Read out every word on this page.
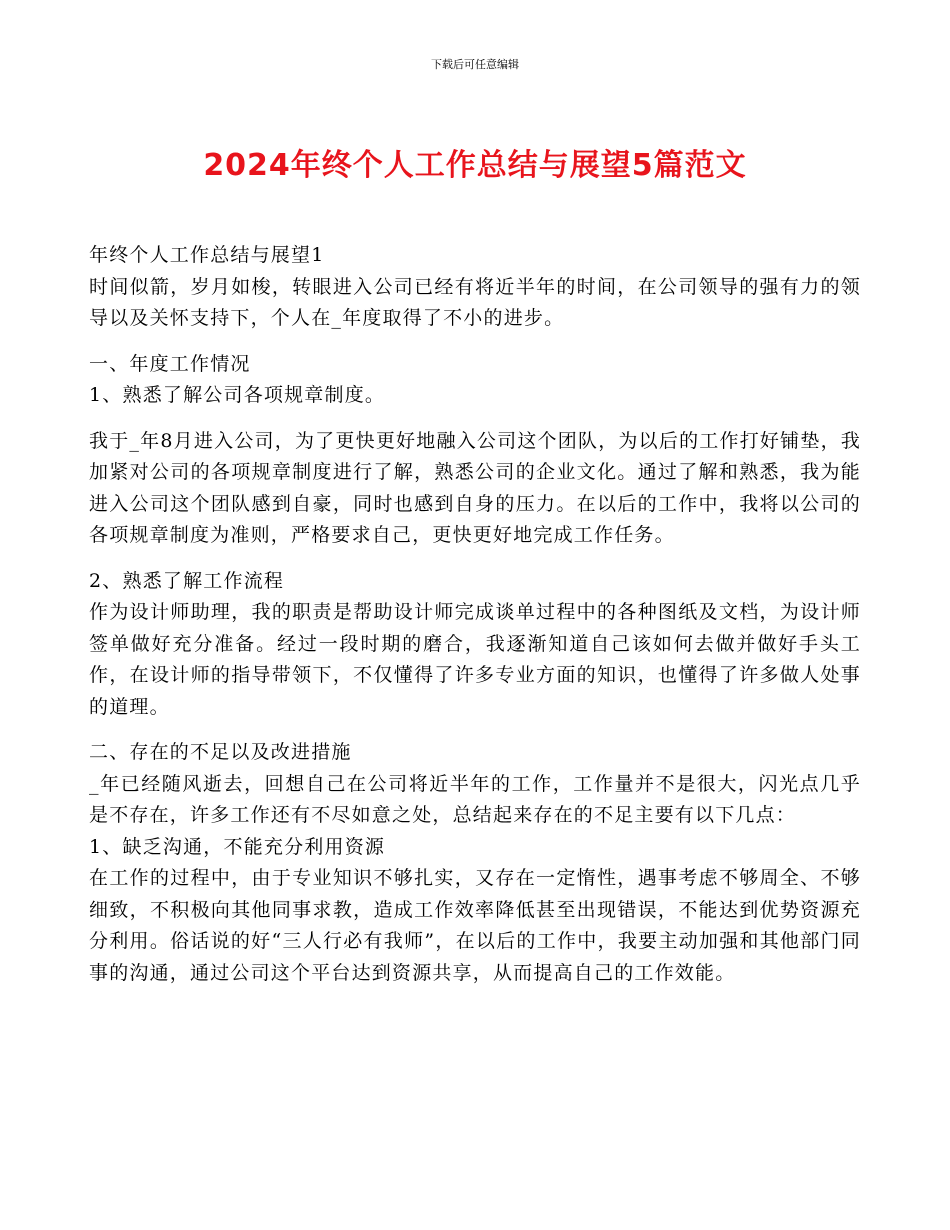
下载后可任意编辑
2024年终个人工作总结与展望5篇范文

年终个人工作总结与展望1

时间似箭，岁月如梭，转眼进入公司已经有将近半年的时间，在公司领导的强有力的领导以及关怀支持下，个人在_年度取得了不小的进步。

一、年度工作情况

1、熟悉了解公司各项规章制度。

我于_年8月进入公司，为了更快更好地融入公司这个团队，为以后的工作打好铺垫，我加紧对公司的各项规章制度进行了解，熟悉公司的企业文化。通过了解和熟悉，我为能进入公司这个团队感到自豪，同时也感到自身的压力。在以后的工作中，我将以公司的各项规章制度为准则，严格要求自己，更快更好地完成工作任务。

2、熟悉了解工作流程

作为设计师助理，我的职责是帮助设计师完成谈单过程中的各种图纸及文档，为设计师签单做好充分准备。经过一段时期的磨合，我逐渐知道自己该如何去做并做好手头工作，在设计师的指导带领下，不仅懂得了许多专业方面的知识，也懂得了许多做人处事的道理。

二、存在的不足以及改进措施

_年已经随风逝去，回想自己在公司将近半年的工作，工作量并不是很大，闪光点几乎是不存在，许多工作还有不尽如意之处，总结起来存在的不足主要有以下几点：

1、缺乏沟通，不能充分利用资源

在工作的过程中，由于专业知识不够扎实，又存在一定惰性，遇事考虑不够周全、不够细致，不积极向其他同事求教，造成工作效率降低甚至出现错误，不能达到优势资源充分利用。俗话说的好“三人行必有我师”，在以后的工作中，我要主动加强和其他部门同事的沟通，通过公司这个平台达到资源共享，从而提高自己的工作效能。
